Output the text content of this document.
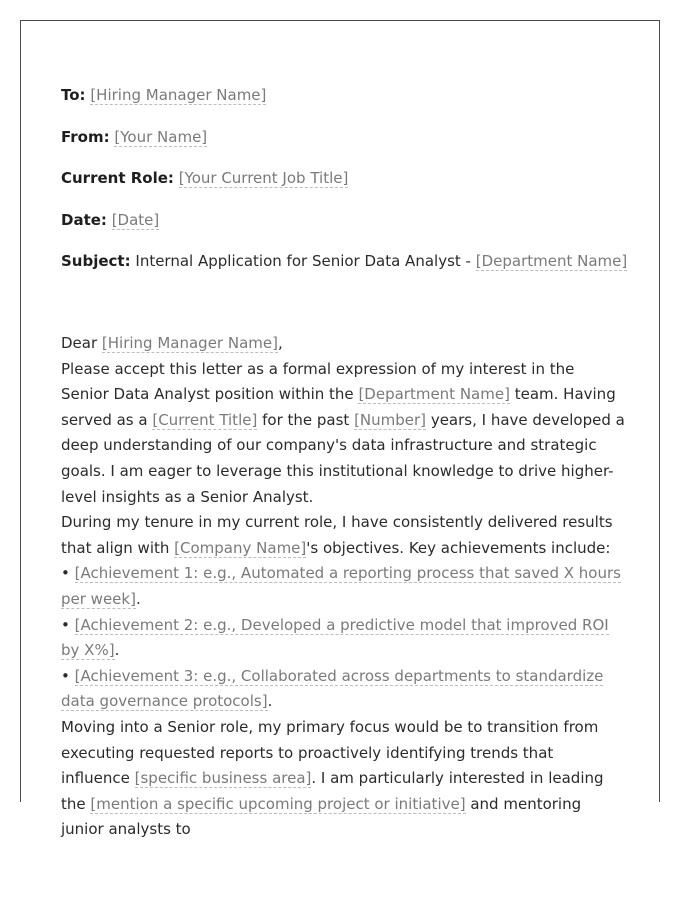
To: [Hiring Manager Name]
From: [Your Name]
Current Role: [Your Current Job Title]
Date: [Date]
Subject: Internal Application for Senior Data Analyst - [Department Name]

Dear [Hiring Manager Name],

Please accept this letter as a formal expression of my interest in the Senior Data Analyst position within the [Department Name] team. Having served as a [Current Title] for the past [Number] years, I have developed a deep understanding of our company's data infrastructure and strategic goals. I am eager to leverage this institutional knowledge to drive higher-level insights as a Senior Analyst.

During my tenure in my current role, I have consistently delivered results that align with [Company Name]'s objectives. Key achievements include:

• [Achievement 1: e.g., Automated a reporting process that saved X hours per week].

• [Achievement 2: e.g., Developed a predictive model that improved ROI by X%].

• [Achievement 3: e.g., Collaborated across departments to standardize data governance protocols].

Moving into a Senior role, my primary focus would be to transition from executing requested reports to proactively identifying trends that influence [specific business area]. I am particularly interested in leading the [mention a specific upcoming project or initiative] and mentoring junior analysts to
